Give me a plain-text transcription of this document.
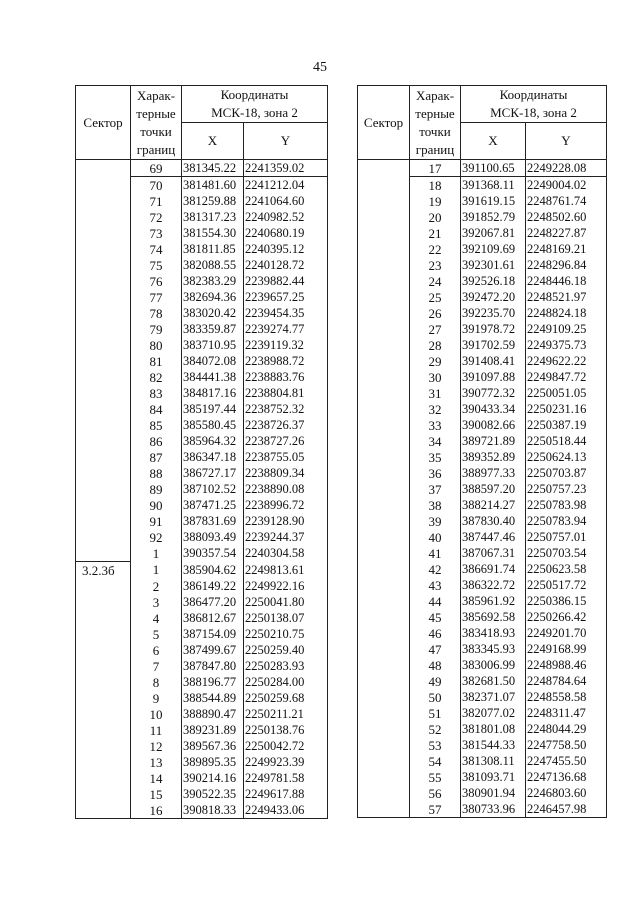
45
Сектор	Харак-
терные
точки
границ	Координаты
МСК-18, зона 2	
		X	Y
	69	381345.22	2241359.02
	70	381481.60	2241212.04
	71	381259.88	2241064.60
	72	381317.23	2240982.52
	73	381554.30	2240680.19
	74	381811.85	2240395.12
	75	382088.55	2240128.72
	76	382383.29	2239882.44
	77	382694.36	2239657.25
	78	383020.42	2239454.35
	79	383359.87	2239274.77
	80	383710.95	2239119.32
	81	384072.08	2238988.72
	82	384441.38	2238883.76
	83	384817.16	2238804.81
	84	385197.44	2238752.32
	85	385580.45	2238726.37
	86	385964.32	2238727.26
	87	386347.18	2238755.05
	88	386727.17	2238809.34
	89	387102.52	2238890.08
	90	387471.25	2238996.72
	91	387831.69	2239128.90
	92	388093.49	2239244.37
	1	390357.54	2240304.58
3.2.3б	1	385904.62	2249813.61
	2	386149.22	2249922.16
	3	386477.20	2250041.80
	4	386812.67	2250138.07
	5	387154.09	2250210.75
	6	387499.67	2250259.40
	7	387847.80	2250283.93
	8	388196.77	2250284.00
	9	388544.89	2250259.68
	10	388890.47	2250211.21
	11	389231.89	2250138.76
	12	389567.36	2250042.72
	13	389895.35	2249923.39
	14	390214.16	2249781.58
	15	390522.35	2249617.88
	16	390818.33	2249433.06
Сектор	Харак-
терные
точки
границ	Координаты
МСК-18, зона 2	
		X	Y
	17	391100.65	2249228.08
	18	391368.11	2249004.02
	19	391619.15	2248761.74
	20	391852.79	2248502.60
	21	392067.81	2248227.87
	22	392109.69	2248169.21
	23	392301.61	2248296.84
	24	392526.18	2248446.18
	25	392472.20	2248521.97
	26	392235.70	2248824.18
	27	391978.72	2249109.25
	28	391702.59	2249375.73
	29	391408.41	2249622.22
	30	391097.88	2249847.72
	31	390772.32	2250051.05
	32	390433.34	2250231.16
	33	390082.66	2250387.19
	34	389721.89	2250518.44
	35	389352.89	2250624.13
	36	388977.33	2250703.87
	37	388597.20	2250757.23
	38	388214.27	2250783.98
	39	387830.40	2250783.94
	40	387447.46	2250757.01
	41	387067.31	2250703.54
	42	386691.74	2250623.58
	43	386322.72	2250517.72
	44	385961.92	2250386.15
	45	385692.58	2250266.42
	46	383418.93	2249201.70
	47	383345.93	2249168.99
	48	383006.99	2248988.46
	49	382681.50	2248784.64
	50	382371.07	2248558.58
	51	382077.02	2248311.47
	52	381801.08	2248044.29
	53	381544.33	2247758.50
	54	381308.11	2247455.50
	55	381093.71	2247136.68
	56	380901.94	2246803.60
	57	380733.96	2246457.98
